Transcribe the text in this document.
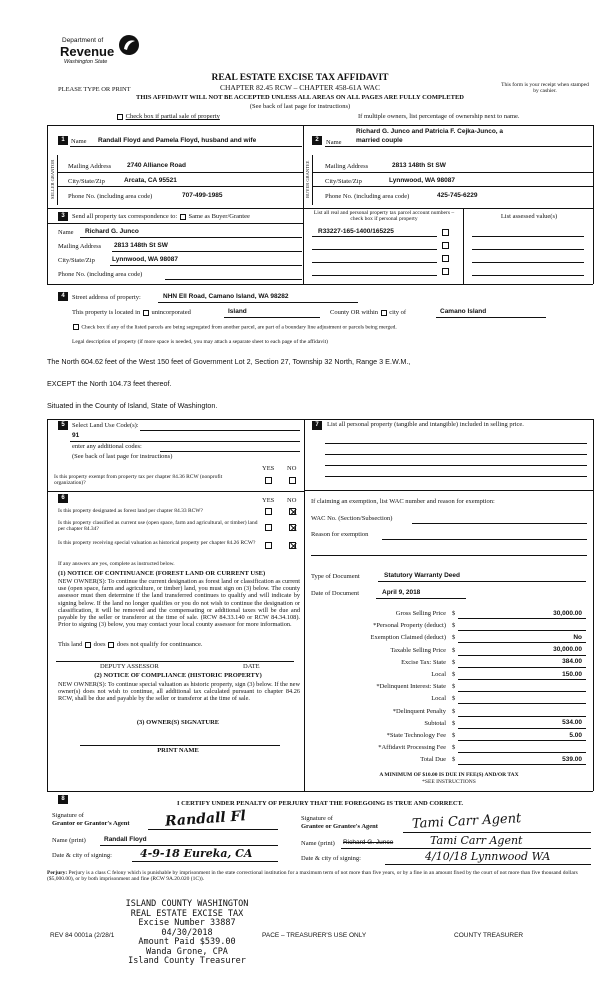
Department of
Revenue
Washington State
REAL ESTATE EXCISE TAX AFFIDAVIT
CHAPTER 82.45 RCW – CHAPTER 458-61A WAC
PLEASE TYPE OR PRINT
This form is your receipt when stamped by cashier.
THIS AFFIDAVIT WILL NOT BE ACCEPTED UNLESS ALL AREAS ON ALL PAGES ARE FULLY COMPLETED
(See back of last page for instructions)
Check box if partial sale of property	If multiple owners, list percentage of ownership next to name.
1
SELLER GRANTOR
Name Randall Floyd and Pamela Floyd, husband and wife
Mailing Address 2740 Alliance Road
City/State/Zip	Arcata, CA 95521
Phone No. (including area code)	707-499-1985
2
BUYER GRANTEE
Richard G. Junco and Patricia F. Cejka-Junco, a
Name married couple
Mailing Address	2813 148th St SW
City/State/Zip	Lynnwood, WA 98087
Phone No. (including area code)	425-745-6229
3	Send all property tax correspondence to: Same as Buyer/Grantee
Name Richard G. Junco
Mailing Address 2813 148th St SW
City/State/Zip	Lynnwood, WA 98087
Phone No. (including area code)
List all real and personal property tax parcel account numbers – check box if personal property	List assessed value(s)
R33227-165-1400/165225
4	Street address of property:	NHN Ell Road, Camano Island, WA 98282
This property is located in unincorporated	Island	County OR within city of	Camano Island
Check box if any of the listed parcels are being segregated from another parcel, are part of a boundary line adjustment or parcels being merged.
Legal description of property (if more space is needed, you may attach a separate sheet to each page of the affidavit)
The North 604.62 feet of the West 150 feet of Government Lot 2, Section 27, Township 32 North, Range 3 E.W.M.,
EXCEPT the North 104.73 feet thereof.
Situated in the County of Island, State of Washington.
5	Select Land Use Code(s):
91
enter any additional codes:
(See back of last page for instructions)
YES NO
Is this property exempt from property tax per chapter 84.36 RCW (nonprofit organization)?
6	YES NO
Is this property designated as forest land per chapter 84.33 RCW?
Is this property classified as current use (open space, farm and agricultural, or timber) land per chapter 84.34?
Is this property receiving special valuation as historical property per chapter 84.26 RCW?
If any answers are yes, complete as instructed below.
(1) NOTICE OF CONTINUANCE (FOREST LAND OR CURRENT USE)
NEW OWNER(S): To continue the current designation as forest land or classification as current use (open space, farm and agriculture, or timber) land, you must sign on (3) below. The county assessor must then determine if the land transferred continues to qualify and will indicate by signing below. If the land no longer qualifies or you do not wish to continue the designation or classification, it will be removed and the compensating or additional taxes will be due and payable by the seller or transferor at the time of sale. (RCW 84.33.140 or RCW 84.34.108). Prior to signing (3) below, you may contact your local county assessor for more information.
This land does does not qualify for continuance.
DEPUTY ASSESSOR	DATE
(2) NOTICE OF COMPLIANCE (HISTORIC PROPERTY)
NEW OWNER(S): To continue special valuation as historic property, sign (3) below. If the new owner(s) does not wish to continue, all additional tax calculated pursuant to chapter 84.26 RCW, shall be due and payable by the seller or transferor at the time of sale.
(3) OWNER(S) SIGNATURE
PRINT NAME
7	List all personal property (tangible and intangible) included in selling price.
If claiming an exemption, list WAC number and reason for exemption:
WAC No. (Section/Subsection)
Reason for exemption
Type of Document	Statutory Warranty Deed
Date of Document	April 9, 2018
Gross Selling Price $	30,000.00
*Personal Property (deduct) $
Exemption Claimed (deduct) $	No
Taxable Selling Price $	30,000.00
Excise Tax: State $	384.00
Local $	150.00
*Delinquent Interest: State $
Local $
*Delinquent Penalty $
Subtotal $	534.00
*State Technology Fee $	5.00
*Affidavit Processing Fee $
Total Due $	539.00
A MINIMUM OF $10.00 IS DUE IN FEE(S) AND/OR TAX
*SEE INSTRUCTIONS
8
I CERTIFY UNDER PENALTY OF PERJURY THAT THE FOREGOING IS TRUE AND CORRECT.
Signature of
Grantor or Grantor's Agent Randall Fl
Name (print)	Randall Floyd
Date & city of signing:	4-9-18 Eureka, CA
Signature of
Grantee or Grantee's Agent	Tami Carr Agent
Name (print) Richard G. Junco	Tami Carr Agent
Date & city of signing:	4/10/18 Lynnwood WA
Perjury: Perjury is a class C felony which is punishable by imprisonment in the state correctional institution for a maximum term of not more than five years, or by a fine in an amount fixed by the court of not more than five thousand dollars ($5,000.00), or by both imprisonment and fine (RCW 9A.20.020 (1C)).
ISLAND COUNTY WASHINGTON
REAL ESTATE EXCISE TAX
Excise Number 33887
04/30/2018
Amount Paid $539.00
Wanda Grone, CPA
Island County Treasurer
REV 84 0001a (2/28/1	PACE – TREASURER'S USE ONLY	COUNTY TREASURER
